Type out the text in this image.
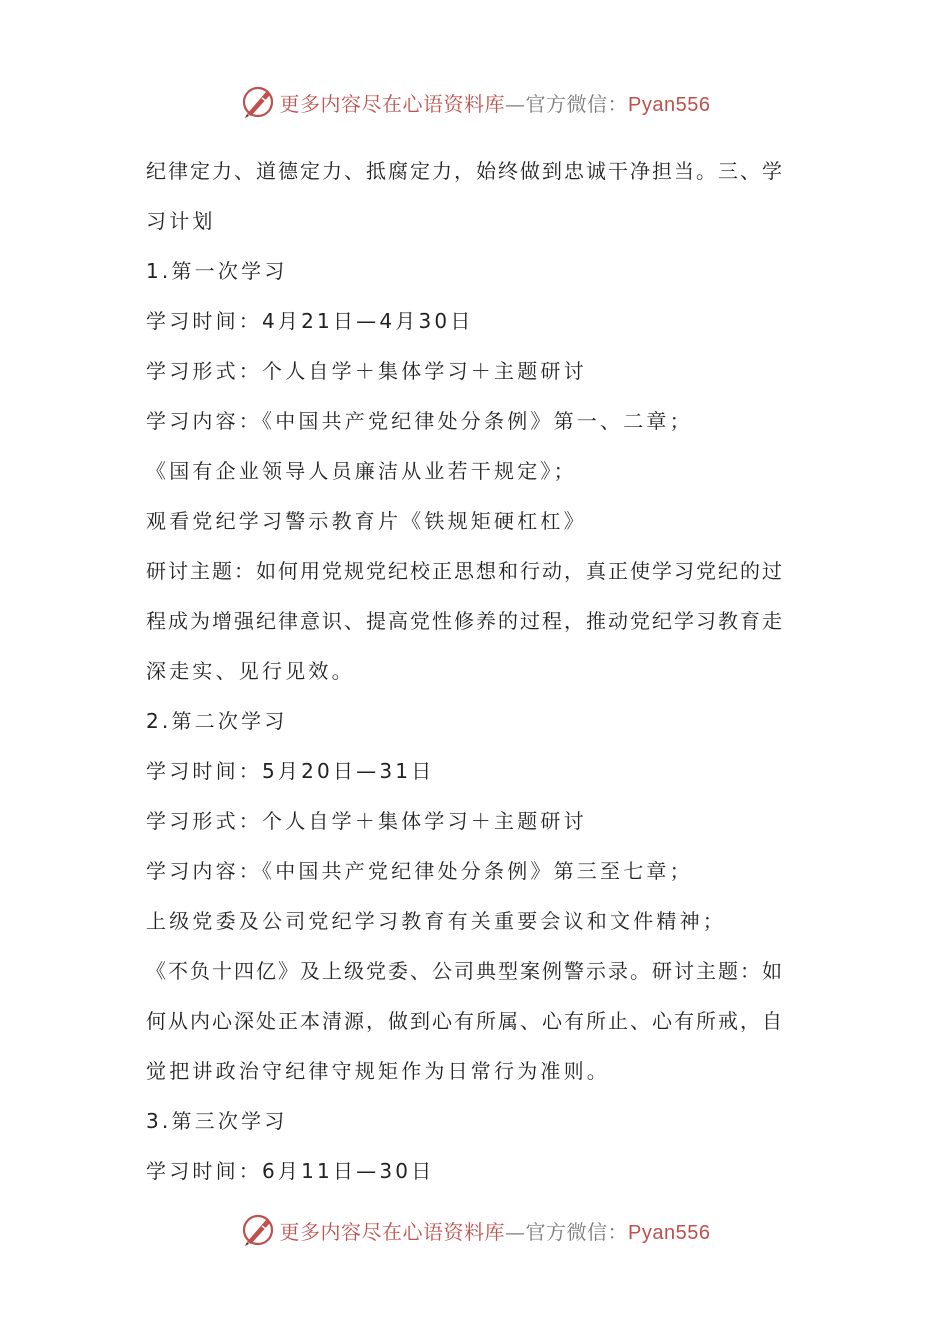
更多内容尽在心语资料库—官方微信：Pyan556
纪律定力、道德定力、抵腐定力，始终做到忠诚干净担当。三、学
习计划
1.第一次学习
学习时间：4月21日—4月30日
学习形式：个人自学＋集体学习＋主题研讨
学习内容：《中国共产党纪律处分条例》第一、二章；
《国有企业领导人员廉洁从业若干规定》；
观看党纪学习警示教育片《铁规矩硬杠杠》
研讨主题：如何用党规党纪校正思想和行动，真正使学习党纪的过
程成为增强纪律意识、提高党性修养的过程，推动党纪学习教育走
深走实、见行见效。
2.第二次学习
学习时间：5月20日—31日
学习形式：个人自学＋集体学习＋主题研讨
学习内容：《中国共产党纪律处分条例》第三至七章；
上级党委及公司党纪学习教育有关重要会议和文件精神；
《不负十四亿》及上级党委、公司典型案例警示录。研讨主题：如
何从内心深处正本清源，做到心有所属、心有所止、心有所戒，自
觉把讲政治守纪律守规矩作为日常行为准则。
3.第三次学习
学习时间：6月11日—30日
更多内容尽在心语资料库—官方微信：Pyan556
